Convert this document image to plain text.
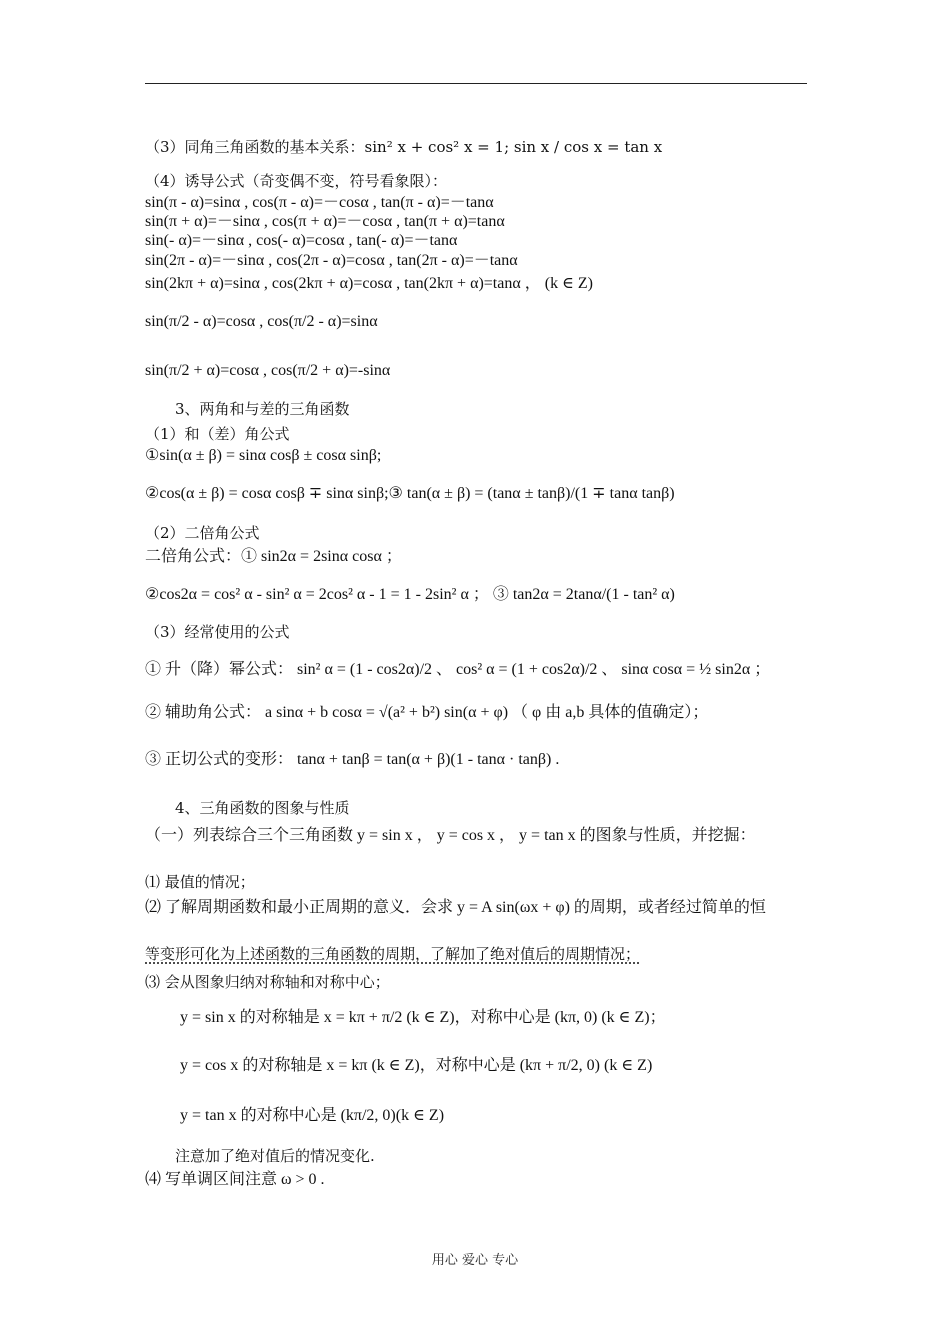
（3）同角三角函数的基本关系：sin² x + cos² x = 1; sin x / cos x = tan x
（4）诱导公式（奇变偶不变，符号看象限）：
sin(π - α)=sinα , cos(π - α)=－cosα , tan(π - α)=－tanα
sin(π + α)=－sinα , cos(π + α)=－cosα , tan(π + α)=tanα
sin(- α)=－sinα , cos(- α)=cosα , tan(- α)=－tanα
sin(2π - α)=－sinα , cos(2π - α)=cosα , tan(2π - α)=－tanα
sin(2kπ + α)=sinα , cos(2kπ + α)=cosα , tan(2kπ + α)=tanα ， (k ∈ Z)
sin(π/2 - α)=cosα , cos(π/2 - α)=sinα
sin(π/2 + α)=cosα , cos(π/2 + α)=-sinα
3、两角和与差的三角函数
（1）和（差）角公式
①sin(α ± β) = sinα cosβ ± cosα sinβ;
②cos(α ± β) = cosα cosβ ∓ sinα sinβ;③ tan(α ± β) = (tanα ± tanβ)/(1 ∓ tanα tanβ)
（2）二倍角公式
二倍角公式：① sin2α = 2sinα cosα ；
②cos2α = cos² α - sin² α = 2cos² α - 1 = 1 - 2sin² α ； ③ tan2α = 2tanα/(1 - tan² α)
（3）经常使用的公式
① 升（降）幂公式： sin² α = (1 - cos2α)/2 、 cos² α = (1 + cos2α)/2 、 sinα cosα = ½ sin2α ；
② 辅助角公式： a sinα + b cosα = √(a² + b²) sin(α + φ) （ φ 由 a,b 具体的值确定）；
③ 正切公式的变形： tanα + tanβ = tan(α + β)(1 - tanα · tanβ) .
4、三角函数的图象与性质
（一）列表综合三个三角函数 y = sin x ， y = cos x ， y = tan x 的图象与性质，并挖掘：
⑴ 最值的情况；
⑵ 了解周期函数和最小正周期的意义．会求 y = A sin(ωx + φ) 的周期，或者经过简单的恒
等变形可化为上述函数的三角函数的周期，了解加了绝对值后的周期情况；
⑶ 会从图象归纳对称轴和对称中心；
y = sin x 的对称轴是 x = kπ + π/2 (k ∈ Z)，对称中心是 (kπ, 0) (k ∈ Z)；
y = cos x 的对称轴是 x = kπ (k ∈ Z)，对称中心是 (kπ + π/2, 0) (k ∈ Z)
y = tan x 的对称中心是 (kπ/2, 0)(k ∈ Z)
注意加了绝对值后的情况变化.
⑷ 写单调区间注意 ω > 0 .
用心 爱心 专心
